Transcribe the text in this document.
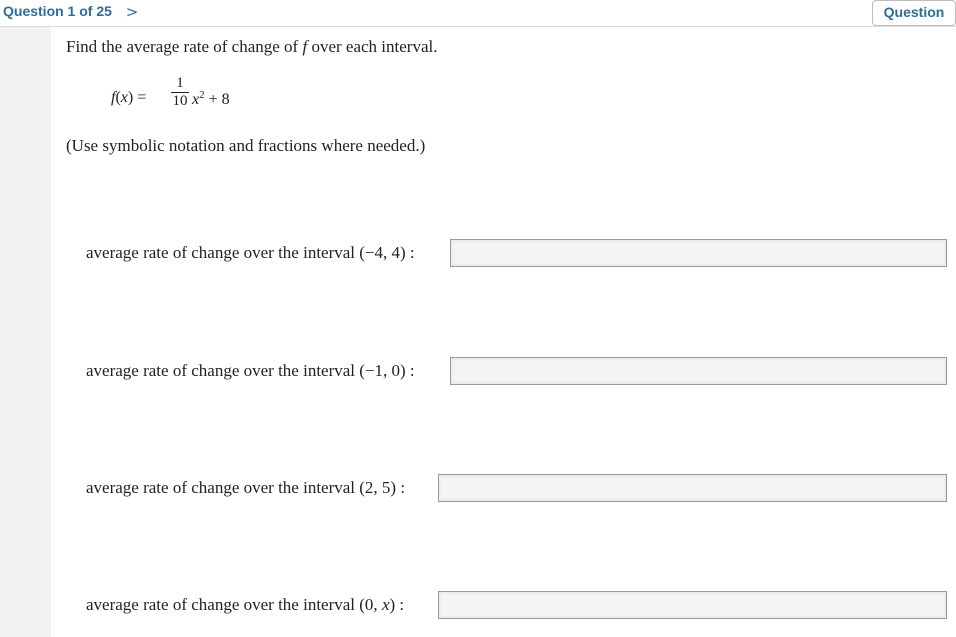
Question 1 of 25 >	Question
Find the average rate of change of f over each interval.
f(x) =
1
10 $x^2 + 8$
(Use symbolic notation and fractions where needed.)
average rate of change over the interval (−4, 4) :
average rate of change over the interval (−1, 0) :
average rate of change over the interval (2, 5) :
average rate of change over the interval (0, x) :
